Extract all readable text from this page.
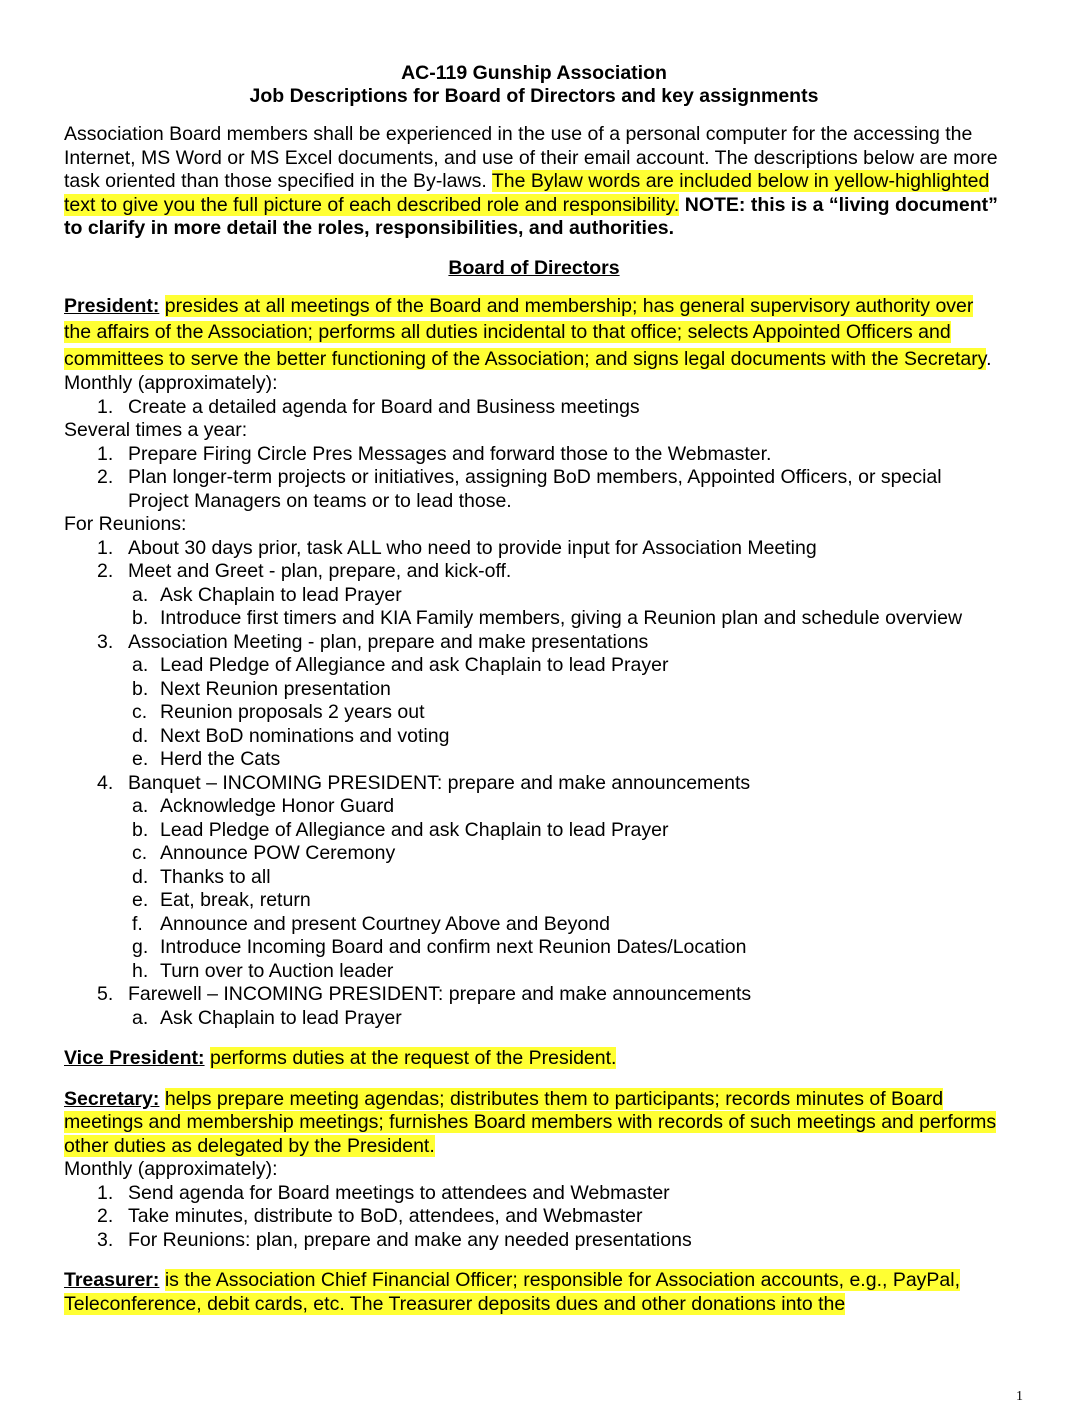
AC-119 Gunship Association
Job Descriptions for Board of Directors and key assignments

Association Board members shall be experienced in the use of a personal computer for the accessing the Internet, MS Word or MS Excel documents, and use of their email account. The descriptions below are more task oriented than those specified in the By-laws. The Bylaw words are included below in yellow-highlighted text to give you the full picture of each described role and responsibility. NOTE: this is a “living document” to clarify in more detail the roles, responsibilities, and authorities.

Board of Directors

President: presides at all meetings of the Board and membership; has general supervisory authority over the affairs of the Association; performs all duties incidental to that office; selects Appointed Officers and committees to serve the better functioning of the Association; and signs legal documents with the Secretary.

Monthly (approximately):

1. Create a detailed agenda for Board and Business meetings

Several times a year:

1. Prepare Firing Circle Pres Messages and forward those to the Webmaster.
2. Plan longer-term projects or initiatives, assigning BoD members, Appointed Officers, or special Project Managers on teams or to lead those.

For Reunions:

1. About 30 days prior, task ALL who need to provide input for Association Meeting
2. Meet and Greet - plan, prepare, and kick-off.
a. Ask Chaplain to lead Prayer
b. Introduce first timers and KIA Family members, giving a Reunion plan and schedule overview
3. Association Meeting - plan, prepare and make presentations
a. Lead Pledge of Allegiance and ask Chaplain to lead Prayer
b. Next Reunion presentation
c. Reunion proposals 2 years out
d. Next BoD nominations and voting
e. Herd the Cats
4. Banquet – INCOMING PRESIDENT: prepare and make announcements
a. Acknowledge Honor Guard
b. Lead Pledge of Allegiance and ask Chaplain to lead Prayer
c. Announce POW Ceremony
d. Thanks to all
e. Eat, break, return
f. Announce and present Courtney Above and Beyond
g. Introduce Incoming Board and confirm next Reunion Dates/Location
h. Turn over to Auction leader
5. Farewell – INCOMING PRESIDENT: prepare and make announcements
a. Ask Chaplain to lead Prayer

Vice President: performs duties at the request of the President.

Secretary: helps prepare meeting agendas; distributes them to participants; records minutes of Board meetings and membership meetings; furnishes Board members with records of such meetings and performs other duties as delegated by the President.

Monthly (approximately):

1. Send agenda for Board meetings to attendees and Webmaster
2. Take minutes, distribute to BoD, attendees, and Webmaster
3. For Reunions: plan, prepare and make any needed presentations

Treasurer: is the Association Chief Financial Officer; responsible for Association accounts, e.g., PayPal, Teleconference, debit cards, etc. The Treasurer deposits dues and other donations into the

1
